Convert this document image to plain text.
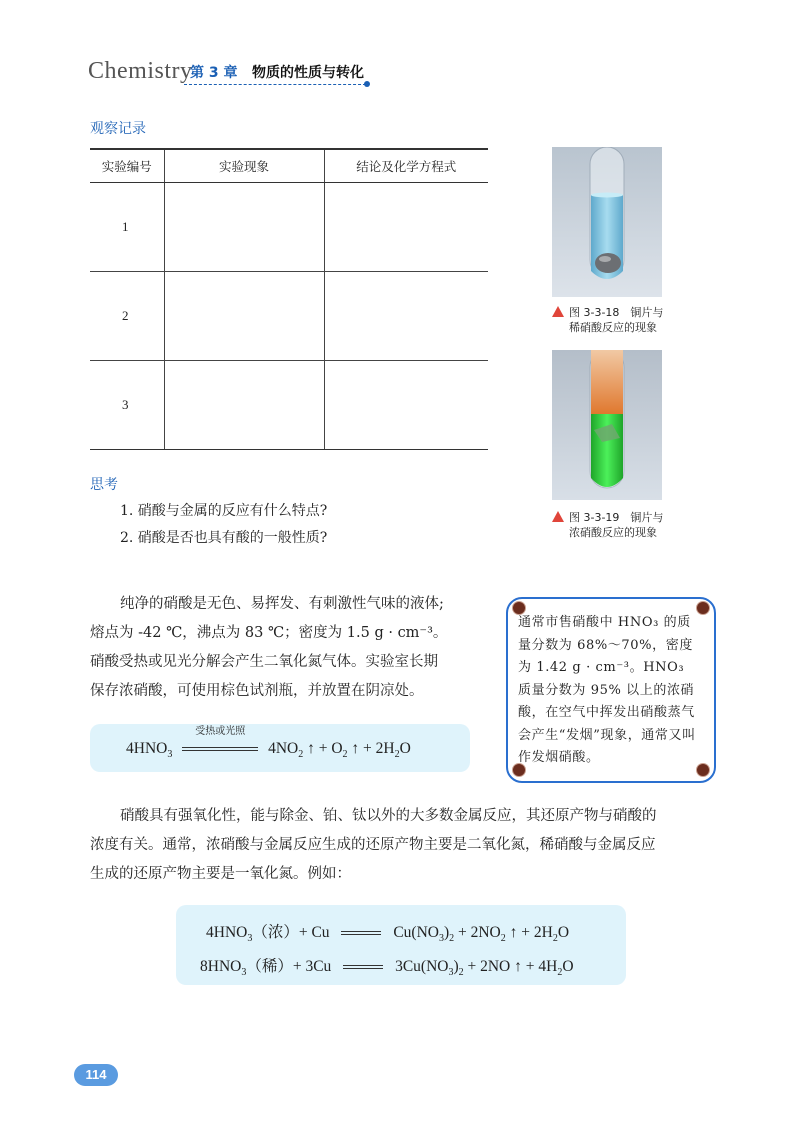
Chemistry
第 3 章 物质的性质与转化
观察记录
实验编号	实验现象	结论及化学方程式
1		
2		
3		
图 3-3-18　铜片与
稀硝酸反应的现象
图 3-3-19　铜片与
浓硝酸反应的现象
思考
1. 硝酸与金属的反应有什么特点?
2. 硝酸是否也具有酸的一般性质?
纯净的硝酸是无色、易挥发、有刺激性气味的液体;
熔点为 -42 ℃，沸点为 83 ℃；密度为 1.5 g · cm⁻³。
硝酸受热或见光分解会产生二氧化氮气体。实验室长期
保存浓硝酸，可使用棕色试剂瓶，并放置在阴凉处。
通常市售硝酸中 HNO₃ 的质量分数为 68%～70%，密度为 1.42 g · cm⁻³。HNO₃ 质量分数为 95% 以上的浓硝酸，在空气中挥发出硝酸蒸气会产生“发烟”现象，通常又叫作发烟硝酸。
$4HNO_3$
受热或光照
$4NO_2$ ↑ + $O_2$ ↑ + $2H_2O$
硝酸具有强氧化性，能与除金、铂、钛以外的大多数金属反应，其还原产物与硝酸的
浓度有关。通常，浓硝酸与金属反应生成的还原产物主要是二氧化氮，稀硝酸与金属反应
生成的还原产物主要是一氧化氮。例如：
$4HNO_3$（浓）+ Cu	$Cu(NO_3)_2 + 2NO_2$ ↑ + $2H_2O$
$8HNO_3$（稀）+ 3Cu	$3Cu(NO_3)_2 + 2NO$ ↑ + $4H_2O$
114
